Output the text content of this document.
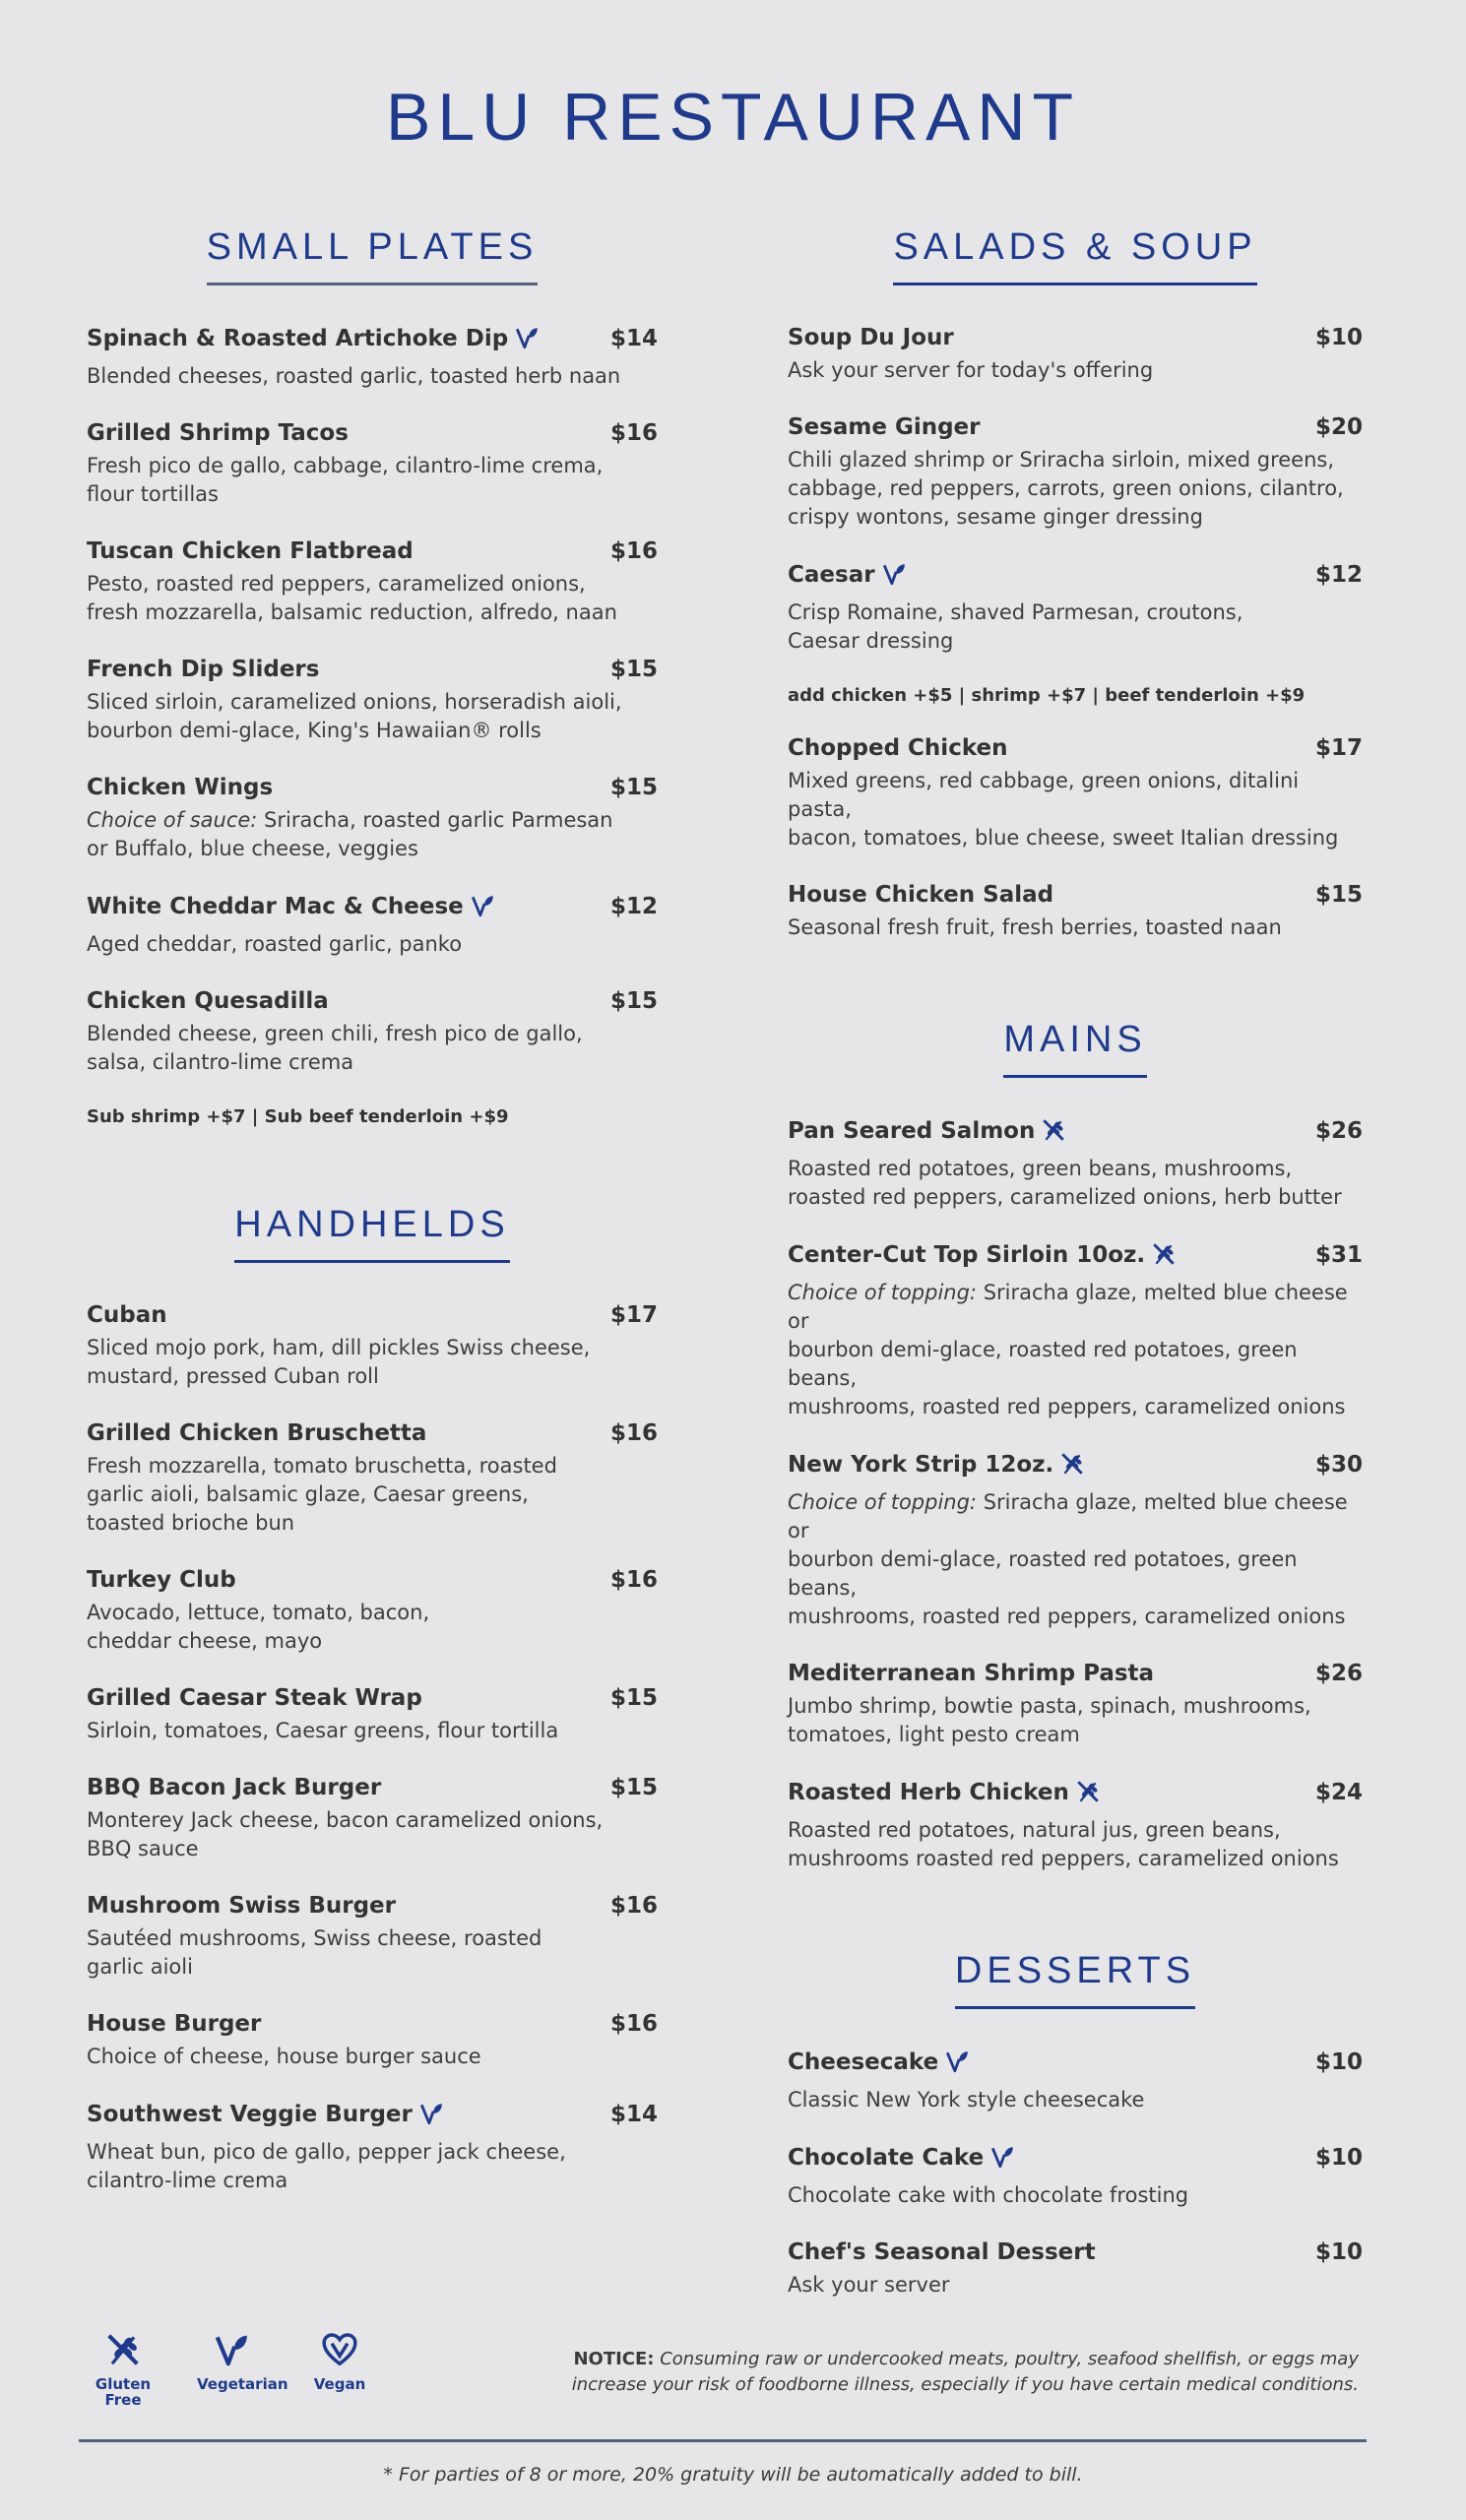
BLU RESTAURANT
SMALL PLATES
Spinach & Roasted Artichoke Dip	$14
Blended cheeses, roasted garlic, toasted herb naan
Grilled Shrimp Tacos	$16
Fresh pico de gallo, cabbage, cilantro-lime crema,
flour tortillas
Tuscan Chicken Flatbread	$16
Pesto, roasted red peppers, caramelized onions,
fresh mozzarella, balsamic reduction, alfredo, naan
French Dip Sliders	$15
Sliced sirloin, caramelized onions, horseradish aioli,
bourbon demi-glace, King's Hawaiian® rolls
Chicken Wings	$15
Choice of sauce: Sriracha, roasted garlic Parmesan
or Buffalo, blue cheese, veggies
White Cheddar Mac & Cheese	$12
Aged cheddar, roasted garlic, panko
Chicken Quesadilla	$15
Blended cheese, green chili, fresh pico de gallo,
salsa, cilantro-lime crema
Sub shrimp +$7 | Sub beef tenderloin +$9
HANDHELDS
Cuban	$17
Sliced mojo pork, ham, dill pickles Swiss cheese,
mustard, pressed Cuban roll
Grilled Chicken Bruschetta	$16
Fresh mozzarella, tomato bruschetta, roasted
garlic aioli, balsamic glaze, Caesar greens,
toasted brioche bun
Turkey Club	$16
Avocado, lettuce, tomato, bacon,
cheddar cheese, mayo
Grilled Caesar Steak Wrap	$15
Sirloin, tomatoes, Caesar greens, flour tortilla
BBQ Bacon Jack Burger	$15
Monterey Jack cheese, bacon caramelized onions,
BBQ sauce
Mushroom Swiss Burger	$16
Sautéed mushrooms, Swiss cheese, roasted
garlic aioli
House Burger	$16
Choice of cheese, house burger sauce
Southwest Veggie Burger	$14
Wheat bun, pico de gallo, pepper jack cheese,
cilantro-lime crema
SALADS & SOUP
Soup Du Jour	$10
Ask your server for today's offering
Sesame Ginger	$20
Chili glazed shrimp or Sriracha sirloin, mixed greens,
cabbage, red peppers, carrots, green onions, cilantro,
crispy wontons, sesame ginger dressing
Caesar	$12
Crisp Romaine, shaved Parmesan, croutons,
Caesar dressing
add chicken +$5 | shrimp +$7 | beef tenderloin +$9
Chopped Chicken	$17
Mixed greens, red cabbage, green onions, ditalini pasta,
bacon, tomatoes, blue cheese, sweet Italian dressing
House Chicken Salad	$15
Seasonal fresh fruit, fresh berries, toasted naan
MAINS
Pan Seared Salmon	$26
Roasted red potatoes, green beans, mushrooms,
roasted red peppers, caramelized onions, herb butter
Center-Cut Top Sirloin 10oz.	$31
Choice of topping: Sriracha glaze, melted blue cheese or
bourbon demi-glace, roasted red potatoes, green beans,
mushrooms, roasted red peppers, caramelized onions
New York Strip 12oz.	$30
Choice of topping: Sriracha glaze, melted blue cheese or
bourbon demi-glace, roasted red potatoes, green beans,
mushrooms, roasted red peppers, caramelized onions
Mediterranean Shrimp Pasta	$26
Jumbo shrimp, bowtie pasta, spinach, mushrooms,
tomatoes, light pesto cream
Roasted Herb Chicken	$24
Roasted red potatoes, natural jus, green beans,
mushrooms roasted red peppers, caramelized onions
DESSERTS
Cheesecake	$10
Classic New York style cheesecake
Chocolate Cake	$10
Chocolate cake with chocolate frosting
Chef's Seasonal Dessert	$10
Ask your server
Gluten
Free
Vegetarian	Vegan
NOTICE: Consuming raw or undercooked meats, poultry, seafood shellfish, or eggs may
increase your risk of foodborne illness, especially if you have certain medical conditions.
* For parties of 8 or more, 20% gratuity will be automatically added to bill.
